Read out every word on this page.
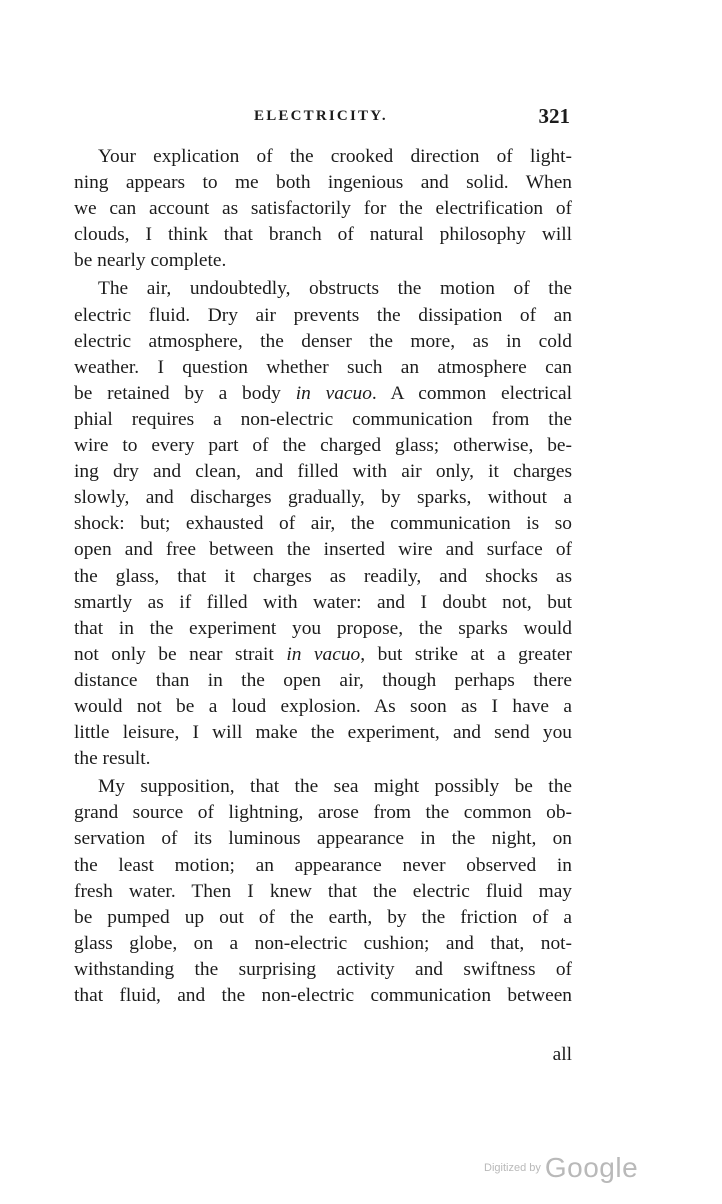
ELECTRICITY.	321

Your explication of the crooked direction of light-
ning appears to me both ingenious and solid. When
we can account as satisfactorily for the electrification of
clouds, I think that branch of natural philosophy will
be nearly complete.

The air, undoubtedly, obstructs the motion of the
electric fluid. Dry air prevents the dissipation of an
electric atmosphere, the denser the more, as in cold
weather. I question whether such an atmosphere can
be retained by a body in vacuo. A common electrical
phial requires a non-electric communication from the
wire to every part of the charged glass; otherwise, be-
ing dry and clean, and filled with air only, it charges
slowly, and discharges gradually, by sparks, without a
shock: but; exhausted of air, the communication is so
open and free between the inserted wire and surface of
the glass, that it charges as readily, and shocks as
smartly as if filled with water: and I doubt not, but
that in the experiment you propose, the sparks would
not only be near strait in vacuo, but strike at a greater
distance than in the open air, though perhaps there
would not be a loud explosion. As soon as I have a
little leisure, I will make the experiment, and send you
the result.

My supposition, that the sea might possibly be the
grand source of lightning, arose from the common ob-
servation of its luminous appearance in the night, on
the least motion; an appearance never observed in
fresh water. Then I knew that the electric fluid may
be pumped up out of the earth, by the friction of a
glass globe, on a non-electric cushion; and that, not-
withstanding the surprising activity and swiftness of
that fluid, and the non-electric communication between

all
Digitized by Google
